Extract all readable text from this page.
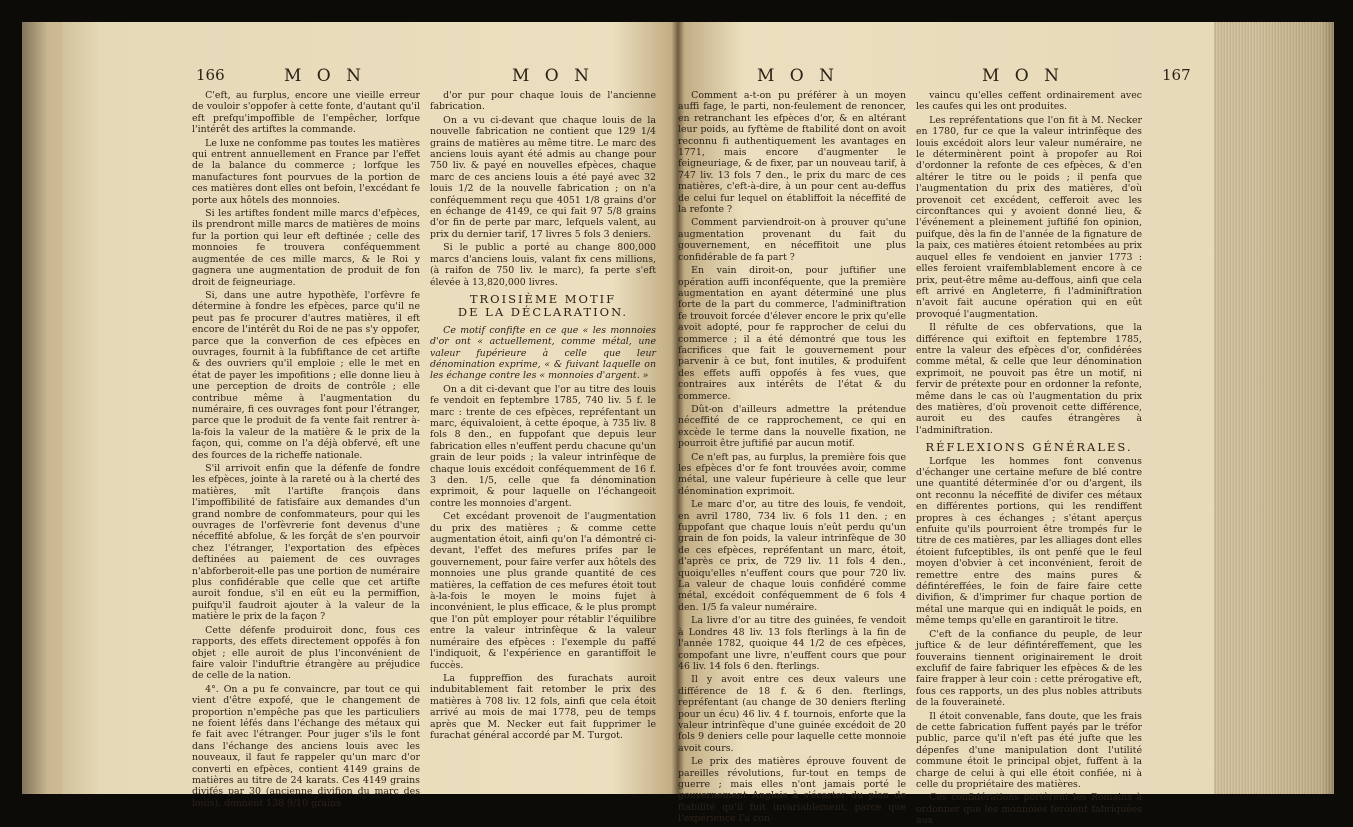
166	M O N	M O N	M O N	M O N	167

C'eft, au furplus, encore une vieille erreur de vouloir s'oppofer à cette fonte, d'autant qu'il eft prefqu'impoffible de l'empêcher, lorfque l'intérêt des artiftes la commande.

Le luxe ne confomme pas toutes les matières qui entrent annuellement en France par l'effet de la balance du commerce ; lorfque les manufactures font pourvues de la portion de ces matières dont elles ont befoin, l'excédant fe porte aux hôtels des monnoies.

Si les artiftes fondent mille marcs d'efpèces, ils prendront mille marcs de matières de moins fur la portion qui leur eft deftinée ; celle des monnoies fe trouvera conféquemment augmentée de ces mille marcs, & le Roi y gagnera une augmentation de produit de fon droit de feigneuriage.

Si, dans une autre hypothèfe, l'orfèvre fe détermine à fondre les efpèces, parce qu'il ne peut pas fe procurer d'autres matières, il eft encore de l'intérêt du Roi de ne pas s'y oppofer, parce que la converfion de ces efpèces en ouvrages, fournit à la fubfiftance de cet artifte & des ouvriers qu'il emploie ; elle le met en état de payer les impofitions ; elle donne lieu à une perception de droits de contrôle ; elle contribue même à l'augmentation du numéraire, fi ces ouvrages font pour l'étranger, parce que le produit de fa vente fait rentrer à-la-fois la valeur de la matière & le prix de la façon, qui, comme on l'a déjà obfervé, eft une des fources de la richeffe nationale.

S'il arrivoit enfin que la défenfe de fondre les efpèces, jointe à la rareté ou à la cherté des matières, mît l'artifte françois dans l'impoffibilité de fatisfaire aux demandes d'un grand nombre de confommateurs, pour qui les ouvrages de l'orfèvrerie font devenus d'une néceffité abfolue, & les forçât de s'en pourvoir chez l'étranger, l'exportation des efpèces deftinées au paiement de ces ouvrages n'abforberoit-elle pas une portion de numéraire plus confidérable que celle que cet artifte auroit fondue, s'il en eût eu la permiffion, puifqu'il faudroit ajouter à la valeur de la matière le prix de la façon ?

Cette défenfe produiroit donc, fous ces rapports, des effets directement oppofés à fon objet ; elle auroit de plus l'inconvénient de faire valoir l'induftrie étrangère au préjudice de celle de la nation.

4°. On a pu fe convaincre, par tout ce qui vient d'être expofé, que le changement de proportion n'empêche pas que les particuliers ne foient léfés dans l'échange des métaux qui fe fait avec l'étranger. Pour juger s'ils le font dans l'échange des anciens louis avec les nouveaux, il faut fe rappeler qu'un marc d'or converti en efpèces, contient 4149 grains de matières au titre de 24 karats. Ces 4149 grains divifés par 30 (ancienne divifion du marc des louis), donnent 138 9/10 grains

d'or pur pour chaque louis de l'ancienne fabrication.

On a vu ci-devant que chaque louis de la nouvelle fabrication ne contient que 129 1/4 grains de matières au même titre. Le marc des anciens louis ayant été admis au change pour 750 liv. & payé en nouvelles efpèces, chaque marc de ces anciens louis a été payé avec 32 louis 1/2 de la nouvelle fabrication ; on n'a conféquemment reçu que 4051 1/8 grains d'or en échange de 4149, ce qui fait 97 5/8 grains d'or fin de perte par marc, lefquels valent, au prix du dernier tarif, 17 livres 5 fols 3 deniers.

Si le public a porté au change 800,000 marcs d'anciens louis, valant fix cens millions, (à raifon de 750 liv. le marc), fa perte s'eft élevée à 13,820,000 livres.

TROISIÈME MOTIF
DE LA DÉCLARATION.

Ce motif confifte en ce que « les monnoies d'or ont « actuellement, comme métal, une valeur fupérieure à celle que leur dénomination exprime, « & fuivant laquelle on les échange contre les « monnoies d'argent. »

On a dit ci-devant que l'or au titre des louis fe vendoit en feptembre 1785, 740 liv. 5 f. le marc : trente de ces efpèces, repréfentant un marc, équivaloient, à cette époque, à 735 liv. 8 fols 8 den., en fuppofant que depuis leur fabrication elles n'euffent perdu chacune qu'un grain de leur poids ; la valeur intrinfèque de chaque louis excédoit conféquemment de 16 f. 3 den. 1/5, celle que fa dénomination exprimoit, & pour laquelle on l'échangeoit contre les monnoies d'argent.

Cet excédant provenoit de l'augmentation du prix des matières ; & comme cette augmentation étoit, ainfi qu'on l'a démontré ci-devant, l'effet des mefures prifes par le gouvernement, pour faire verfer aux hôtels des monnoies une plus grande quantité de ces matières, la ceffation de ces mefures étoit tout à-la-fois le moyen le moins fujet à inconvénient, le plus efficace, & le plus prompt que l'on pût employer pour rétablir l'équilibre entre la valeur intrinfèque & la valeur numéraire des efpèces : l'exemple du paffé l'indiquoit, & l'expérience en garantiffoit le fuccès.

La fuppreffion des furachats auroit indubitablement fait retomber le prix des matières à 708 liv. 12 fols, ainfi que cela étoit arrivé au mois de mai 1778, peu de temps après que M. Necker eut fait fupprimer le furachat général accordé par M. Turgot.

Comment a-t-on pu préférer à un moyen auffi fage, le parti, non-feulement de renoncer, en retranchant les efpèces d'or, & en altérant leur poids, au fyftème de ftabilité dont on avoit reconnu fi authentiquement les avantages en 1771, mais encore d'augmenter le feigneuriage, & de fixer, par un nouveau tarif, à 747 liv. 13 fols 7 den., le prix du marc de ces matières, c'eft-à-dire, à un pour cent au-deffus de celui fur lequel on établiffoit la néceffité de la refonte ?

Comment parviendroit-on à prouver qu'une augmentation provenant du fait du gouvernement, en néceffitoit une plus confidérable de fa part ?

En vain diroit-on, pour juftifier une opération auffi inconféquente, que la première augmentation en ayant déterminé une plus forte de la part du commerce, l'adminiftration fe trouvoit forcée d'élever encore le prix qu'elle avoit adopté, pour fe rapprocher de celui du commerce ; il a été démontré que tous les facrifices que fait le gouvernement pour parvenir à ce but, font inutiles, & produifent des effets auffi oppofés à fes vues, que contraires aux intérêts de l'état & du commerce.

Dût-on d'ailleurs admettre la prétendue néceffité de ce rapprochement, ce qui en excède le terme dans la nouvelle fixation, ne pourroit être juftifié par aucun motif.

Ce n'eft pas, au furplus, la première fois que les efpèces d'or fe font trouvées avoir, comme métal, une valeur fupérieure à celle que leur dénomination exprimoit.

Le marc d'or, au titre des louis, fe vendoit, en avril 1780, 734 liv. 6 fols 11 den. ; en fuppofant que chaque louis n'eût perdu qu'un grain de fon poids, la valeur intrinfèque de 30 de ces efpèces, repréfentant un marc, étoit, d'après ce prix, de 729 liv. 11 fols 4 den., quoiqu'elles n'euffent cours que pour 720 liv. La valeur de chaque louis confidéré comme métal, excédoit conféquemment de 6 fols 4 den. 1/5 fa valeur numéraire.

La livre d'or au titre des guinées, fe vendoit à Londres 48 liv. 13 fols fterlings à la fin de l'année 1782, quoique 44 1/2 de ces efpèces, compofant une livre, n'euffent cours que pour 46 liv. 14 fols 6 den. fterlings.

Il y avoit entre ces deux valeurs une différence de 18 f. & 6 den. fterlings, repréfentant (au change de 30 deniers fterling pour un écu) 46 liv. 4 f. tournois, enforte que la valeur intrinfèque d'une guinée excédoit de 20 fols 9 deniers celle pour laquelle cette monnoie avoit cours.

Le prix des matières éprouve fouvent de pareilles révolutions, fur-tout en temps de guerre ; mais elles n'ont jamais porté le gouvernement Anglois à s'écarter du plan de ftabilité qu'il fuit invariablement, parce que l'expérience l'a con-

vaincu qu'elles ceffent ordinairement avec les caufes qui les ont produites.

Les repréfentations que l'on fit à M. Necker en 1780, fur ce que la valeur intrinfèque des louis excédoit alors leur valeur numéraire, ne le déterminèrent point à propofer au Roi d'ordonner la refonte de ces efpèces, & d'en altérer le titre ou le poids ; il penfa que l'augmentation du prix des matières, d'où provenoit cet excédent, cefferoit avec les circonftances qui y avoient donné lieu, & l'événement a pleinement juftifié fon opinion, puifque, dès la fin de l'année de la fignature de la paix, ces matières étoient retombées au prix auquel elles fe vendoient en janvier 1773 : elles feroient vraifemblablement encore à ce prix, peut-être même au-deffous, ainfi que cela eft arrivé en Angleterre, fi l'adminiftration n'avoit fait aucune opération qui en eût provoqué l'augmentation.

Il réfulte de ces obfervations, que la différence qui exiftoit en feptembre 1785, entre la valeur des efpèces d'or, confidérées comme métal, & celle que leur dénomination exprimoit, ne pouvoit pas être un motif, ni fervir de prétexte pour en ordonner la refonte, même dans le cas où l'augmentation du prix des matières, d'où provenoit cette différence, auroit eu des caufes étrangères à l'adminiftration.

RÉFLEXIONS GÉNÉRALES.

Lorfque les hommes font convenus d'échanger une certaine mefure de blé contre une quantité déterminée d'or ou d'argent, ils ont reconnu la néceffité de divifer ces métaux en différentes portions, qui les rendiffent propres à ces échanges ; s'étant aperçus enfuite qu'ils pourroient être trompés fur le titre de ces matières, par les alliages dont elles étoient fufceptibles, ils ont penfé que le feul moyen d'obvier à cet inconvénient, feroit de remettre entre des mains pures & défintéreffées, le foin de faire faire cette divifion, & d'imprimer fur chaque portion de métal une marque qui en indiquât le poids, en même temps qu'elle en garantiroit le titre.

C'eft de la confiance du peuple, de leur juftice & de leur défintéreffement, que les fouverains tiennent originairement le droit exclufif de faire fabriquer les efpèces & de les faire frapper à leur coin : cette prérogative eft, fous ces rapports, un des plus nobles attributs de la fouveraineté.

Il étoit convenable, fans doute, que les frais de cette fabrication fuffent payés par le tréfor public, parce qu'il n'eft pas été jufte que les dépenfes d'une manipulation dont l'utilité commune étoit le principal objet, fuffent à la charge de celui à qui elle étoit confiée, ni à celle du propriétaire des matières.

Ces confidérations portèrent les Romains à ordonner que les monnoies feroient fabriquées aux
